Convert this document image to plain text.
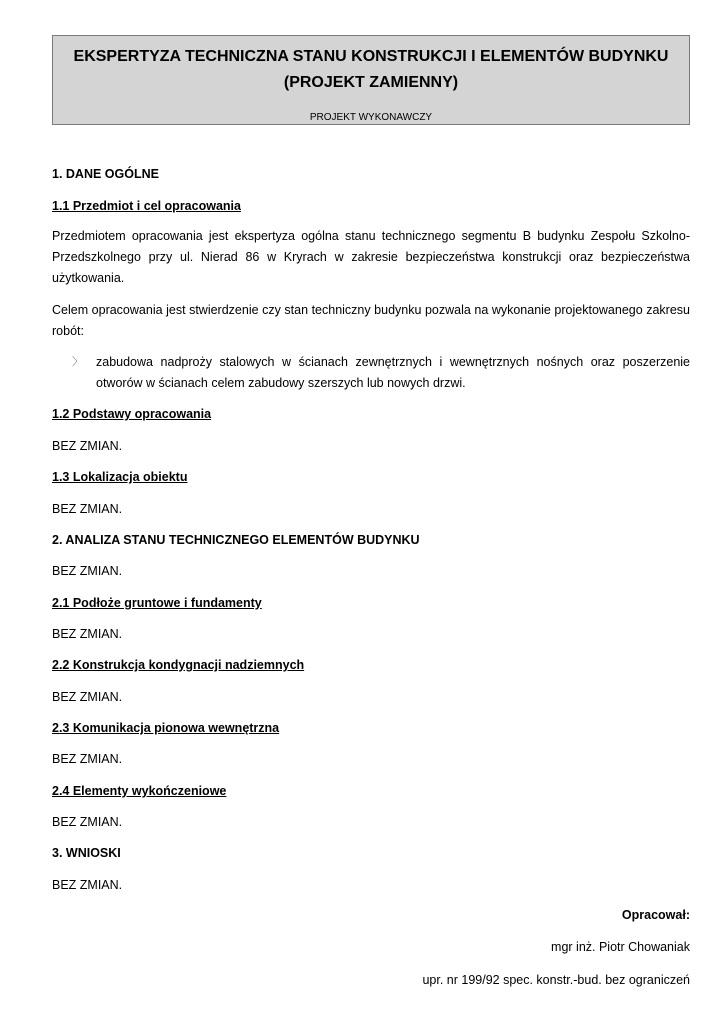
EKSPERTYZA TECHNICZNA STANU KONSTRUKCJI I ELEMENTÓW BUDYNKU
(PROJEKT ZAMIENNY)
PROJEKT WYKONAWCZY
1. DANE OGÓLNE
1.1 Przedmiot i cel opracowania
Przedmiotem opracowania jest ekspertyza ogólna stanu technicznego segmentu B budynku Zespołu Szkolno-Przedszkolnego przy ul. Nierad 86 w Kryrach w zakresie bezpieczeństwa konstrukcji oraz bezpieczeństwa użytkowania.
Celem opracowania jest stwierdzenie czy stan techniczny budynku pozwala na wykonanie projektowanego zakresu robót:
〉 zabudowa nadproży stalowych w ścianach zewnętrznych i wewnętrznych nośnych oraz poszerzenie otworów w ścianach celem zabudowy szerszych lub nowych drzwi.
1.2 Podstawy opracowania
BEZ ZMIAN.
1.3 Lokalizacja obiektu
BEZ ZMIAN.
2. ANALIZA STANU TECHNICZNEGO ELEMENTÓW BUDYNKU
BEZ ZMIAN.
2.1 Podłoże gruntowe i fundamenty
BEZ ZMIAN.
2.2 Konstrukcja kondygnacji nadziemnych
BEZ ZMIAN.
2.3 Komunikacja pionowa wewnętrzna
BEZ ZMIAN.
2.4 Elementy wykończeniowe
BEZ ZMIAN.
3. WNIOSKI
BEZ ZMIAN.
Opracował:
mgr inż. Piotr Chowaniak
upr. nr 199/92 spec. konstr.-bud. bez ograniczeń
